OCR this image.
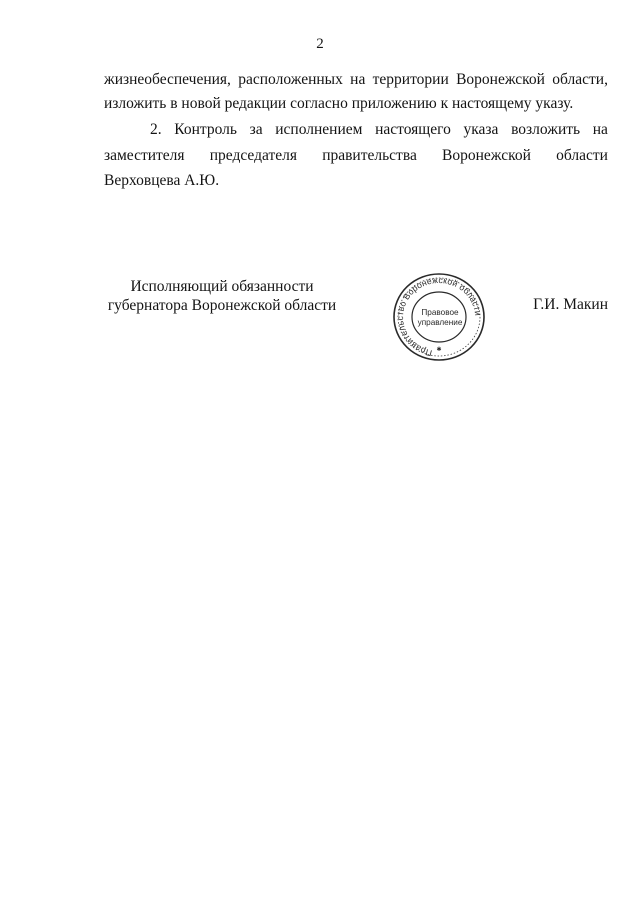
2
жизнеобеспечения, расположенных на территории Воронежской области,
изложить в новой редакции согласно приложению к настоящему указу.
2. Контроль за исполнением настоящего указа возложить на
заместителя председателя правительства Воронежской области
Верховцева А.Ю.
Исполняющий обязанности
губернатора Воронежской области
Правительство Воронежской области
Правовое
управление
✱
Г.И. Макин
